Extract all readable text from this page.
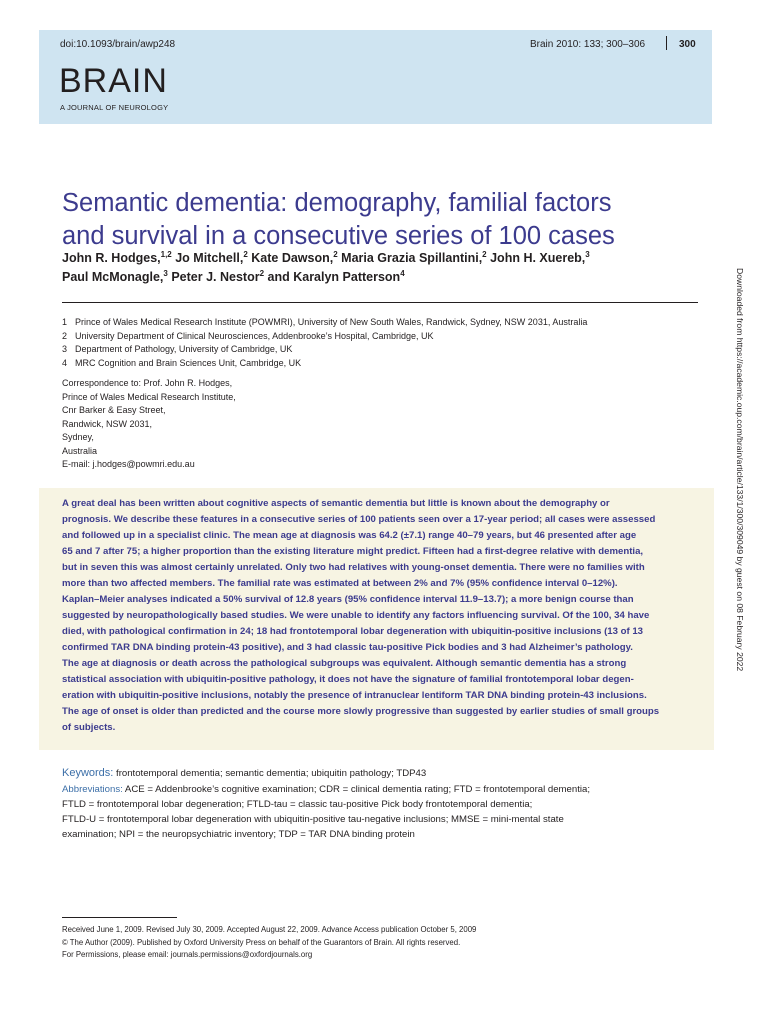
doi:10.1093/brain/awp248	Brain 2010: 133; 300–306	300
BRAIN
A JOURNAL OF NEUROLOGY
Semantic dementia: demography, familial factors
and survival in a consecutive series of 100 cases
John R. Hodges,$^{1,2}$ Jo Mitchell,$^2$ Kate Dawson,$^2$ Maria Grazia Spillantini,$^2$ John H. Xuereb,$^3$
Paul McMonagle,$^3$ Peter J. Nestor$^2$ and Karalyn Patterson$^4$
1 Prince of Wales Medical Research Institute (POWMRI), University of New South Wales, Randwick, Sydney, NSW 2031, Australia
2 University Department of Clinical Neurosciences, Addenbrooke’s Hospital, Cambridge, UK
3 Department of Pathology, University of Cambridge, UK
4 MRC Cognition and Brain Sciences Unit, Cambridge, UK
Correspondence to: Prof. John R. Hodges,
Prince of Wales Medical Research Institute,
Cnr Barker & Easy Street,
Randwick, NSW 2031,
Sydney,
Australia
E-mail: j.hodges@powmri.edu.au
A great deal has been written about cognitive aspects of semantic dementia but little is known about the demography or
prognosis. We describe these features in a consecutive series of 100 patients seen over a 17-year period; all cases were assessed
and followed up in a specialist clinic. The mean age at diagnosis was 64.2 (±7.1) range 40–79 years, but 46 presented after age
65 and 7 after 75; a higher proportion than the existing literature might predict. Fifteen had a first-degree relative with dementia,
but in seven this was almost certainly unrelated. Only two had relatives with young-onset dementia. There were no families with
more than two affected members. The familial rate was estimated at between 2% and 7% (95% confidence interval 0–12%).
Kaplan–Meier analyses indicated a 50% survival of 12.8 years (95% confidence interval 11.9–13.7); a more benign course than
suggested by neuropathologically based studies. We were unable to identify any factors influencing survival. Of the 100, 34 have
died, with pathological confirmation in 24; 18 had frontotemporal lobar degeneration with ubiquitin-positive inclusions (13 of 13
confirmed TAR DNA binding protein-43 positive), and 3 had classic tau-positive Pick bodies and 3 had Alzheimer’s pathology.
The age at diagnosis or death across the pathological subgroups was equivalent. Although semantic dementia has a strong
statistical association with ubiquitin-positive pathology, it does not have the signature of familial frontotemporal lobar degen-
eration with ubiquitin-positive inclusions, notably the presence of intranuclear lentiform TAR DNA binding protein-43 inclusions.
The age of onset is older than predicted and the course more slowly progressive than suggested by earlier studies of small groups
of subjects.
Keywords: frontotemporal dementia; semantic dementia; ubiquitin pathology; TDP43
Abbreviations: ACE = Addenbrooke’s cognitive examination; CDR = clinical dementia rating; FTD = frontotemporal dementia;
FTLD = frontotemporal lobar degeneration; FTLD-tau = classic tau-positive Pick body frontotemporal dementia;
FTLD-U = frontotemporal lobar degeneration with ubiquitin-positive tau-negative inclusions; MMSE = mini-mental state
examination; NPI = the neuropsychiatric inventory; TDP = TAR DNA binding protein
Received June 1, 2009. Revised July 30, 2009. Accepted August 22, 2009. Advance Access publication October 5, 2009
© The Author (2009). Published by Oxford University Press on behalf of the Guarantors of Brain. All rights reserved.
For Permissions, please email: journals.permissions@oxfordjournals.org
Downloaded from https://academic.oup.com/brain/article/133/1/300/309049 by guest on 08 February 2022
